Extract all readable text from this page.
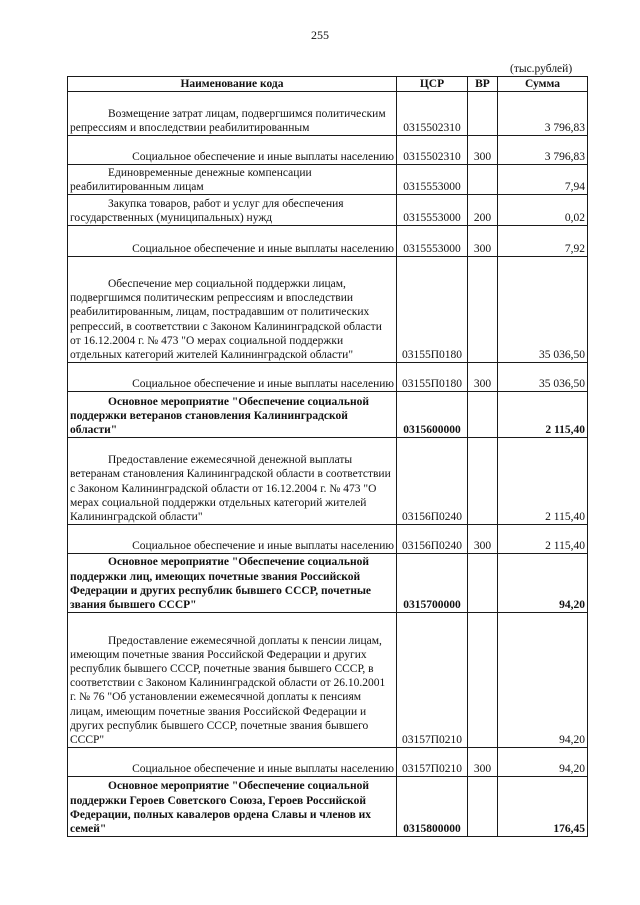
255
(тыс.рублей)
Наименование кода	ЦСР	ВР	Сумма

Возмещение затрат лицам, подвергшимся политическим репрессиям и впоследствии реабилитированным	0315502310		3 796,83
Социальное обеспечение и иные выплаты населению	0315502310	300	3 796,83

Единовременные денежные компенсации реабилитированным лицам	0315553000		7,94

Закупка товаров, работ и услуг для обеспечения государственных (муниципальных) нужд	0315553000	200	0,02
Социальное обеспечение и иные выплаты населению	0315553000	300	7,92

Обеспечение мер социальной поддержки лицам, подвергшимся политическим репрессиям и впоследствии реабилитированным, лицам, пострадавшим от политических репрессий, в соответствии с Законом Калининградской области от 16.12.2004 г. № 473 "О мерах социальной поддержки отдельных категорий жителей Калининградской области"	03155П0180		35 036,50
Социальное обеспечение и иные выплаты населению	03155П0180	300	35 036,50

Основное мероприятие "Обеспечение социальной поддержки ветеранов становления Калининградской области"	0315600000		2 115,40

Предоставление ежемесячной денежной выплаты ветеранам становления Калининградской области в соответствии с Законом Калининградской области от 16.12.2004 г. № 473 "О мерах социальной поддержки отдельных категорий жителей Калининградской области"	03156П0240		2 115,40
Социальное обеспечение и иные выплаты населению	03156П0240	300	2 115,40

Основное мероприятие "Обеспечение социальной поддержки лиц, имеющих почетные звания Российской Федерации и других республик бывшего СССР, почетные звания бывшего СССР"	0315700000		94,20

Предоставление ежемесячной доплаты к пенсии лицам, имеющим почетные звания Российской Федерации и других республик бывшего СССР, почетные звания бывшего СССР, в соответствии с Законом Калининградской области от 26.10.2001 г. № 76 "Об установлении ежемесячной доплаты к пенсиям лицам, имеющим почетные звания Российской Федерации и других республик бывшего СССР, почетные звания бывшего СССР"	03157П0210		94,20
Социальное обеспечение и иные выплаты населению	03157П0210	300	94,20

Основное мероприятие "Обеспечение социальной поддержки Героев Советского Союза, Героев Российской Федерации, полных кавалеров ордена Славы и членов их семей"	0315800000		176,45
